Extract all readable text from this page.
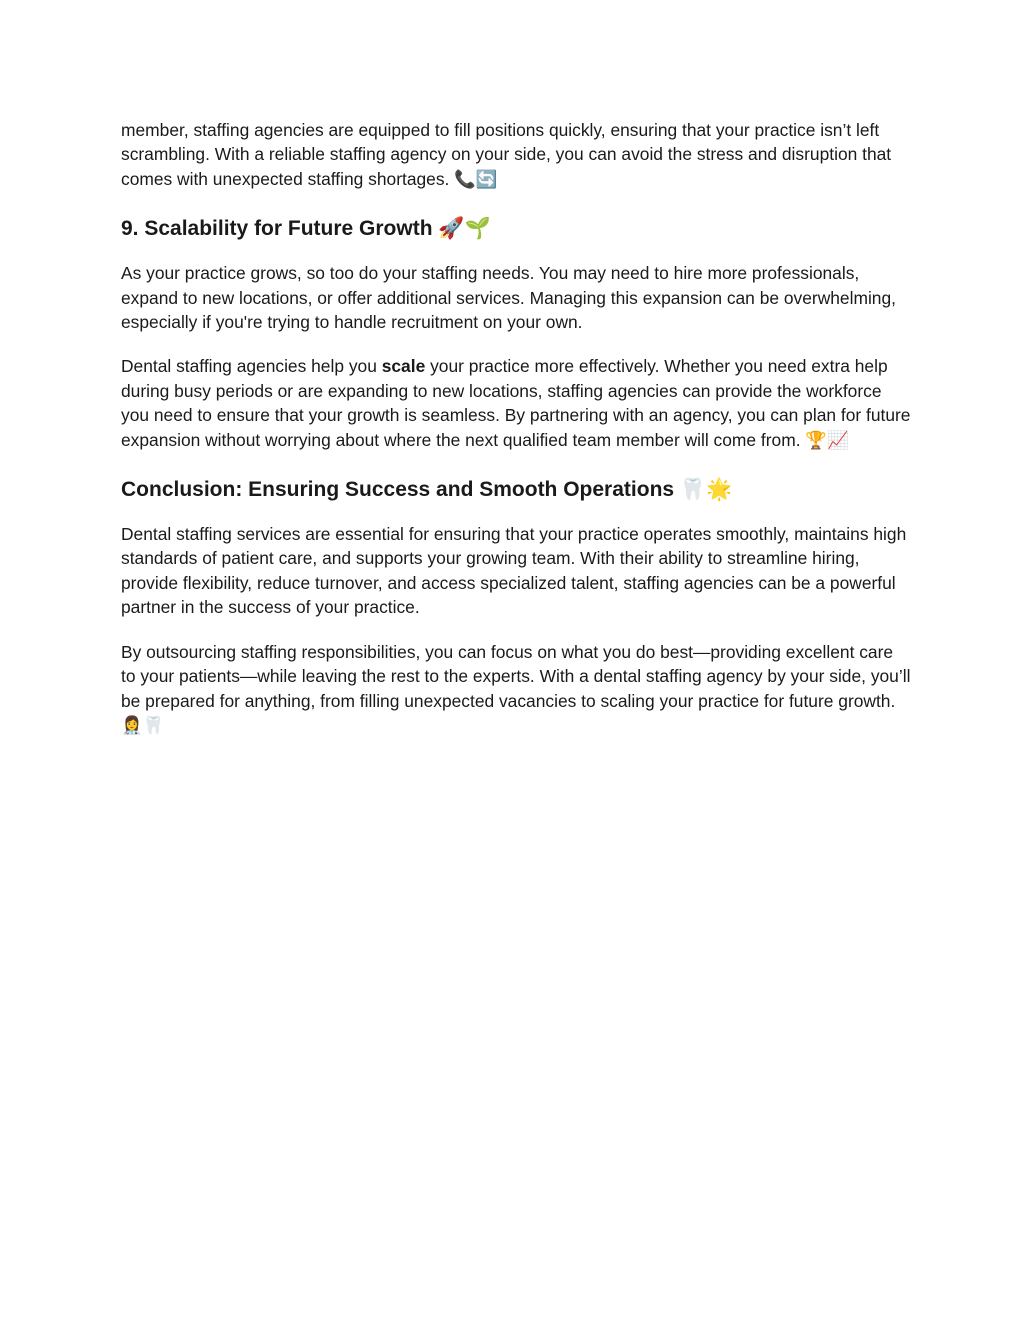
member, staffing agencies are equipped to fill positions quickly, ensuring that your practice isn’t left scrambling. With a reliable staffing agency on your side, you can avoid the stress and disruption that comes with unexpected staffing shortages. 📞🔄

9. Scalability for Future Growth 🚀🌱

As your practice grows, so too do your staffing needs. You may need to hire more professionals, expand to new locations, or offer additional services. Managing this expansion can be overwhelming, especially if you're trying to handle recruitment on your own.

Dental staffing agencies help you scale your practice more effectively. Whether you need extra help during busy periods or are expanding to new locations, staffing agencies can provide the workforce you need to ensure that your growth is seamless. By partnering with an agency, you can plan for future expansion without worrying about where the next qualified team member will come from. 🏆📈

Conclusion: Ensuring Success and Smooth Operations 🦷🌟

Dental staffing services are essential for ensuring that your practice operates smoothly, maintains high standards of patient care, and supports your growing team. With their ability to streamline hiring, provide flexibility, reduce turnover, and access specialized talent, staffing agencies can be a powerful partner in the success of your practice.

By outsourcing staffing responsibilities, you can focus on what you do best—providing excellent care to your patients—while leaving the rest to the experts. With a dental staffing agency by your side, you’ll be prepared for anything, from filling unexpected vacancies to scaling your practice for future growth. 👩‍⚕️🦷
